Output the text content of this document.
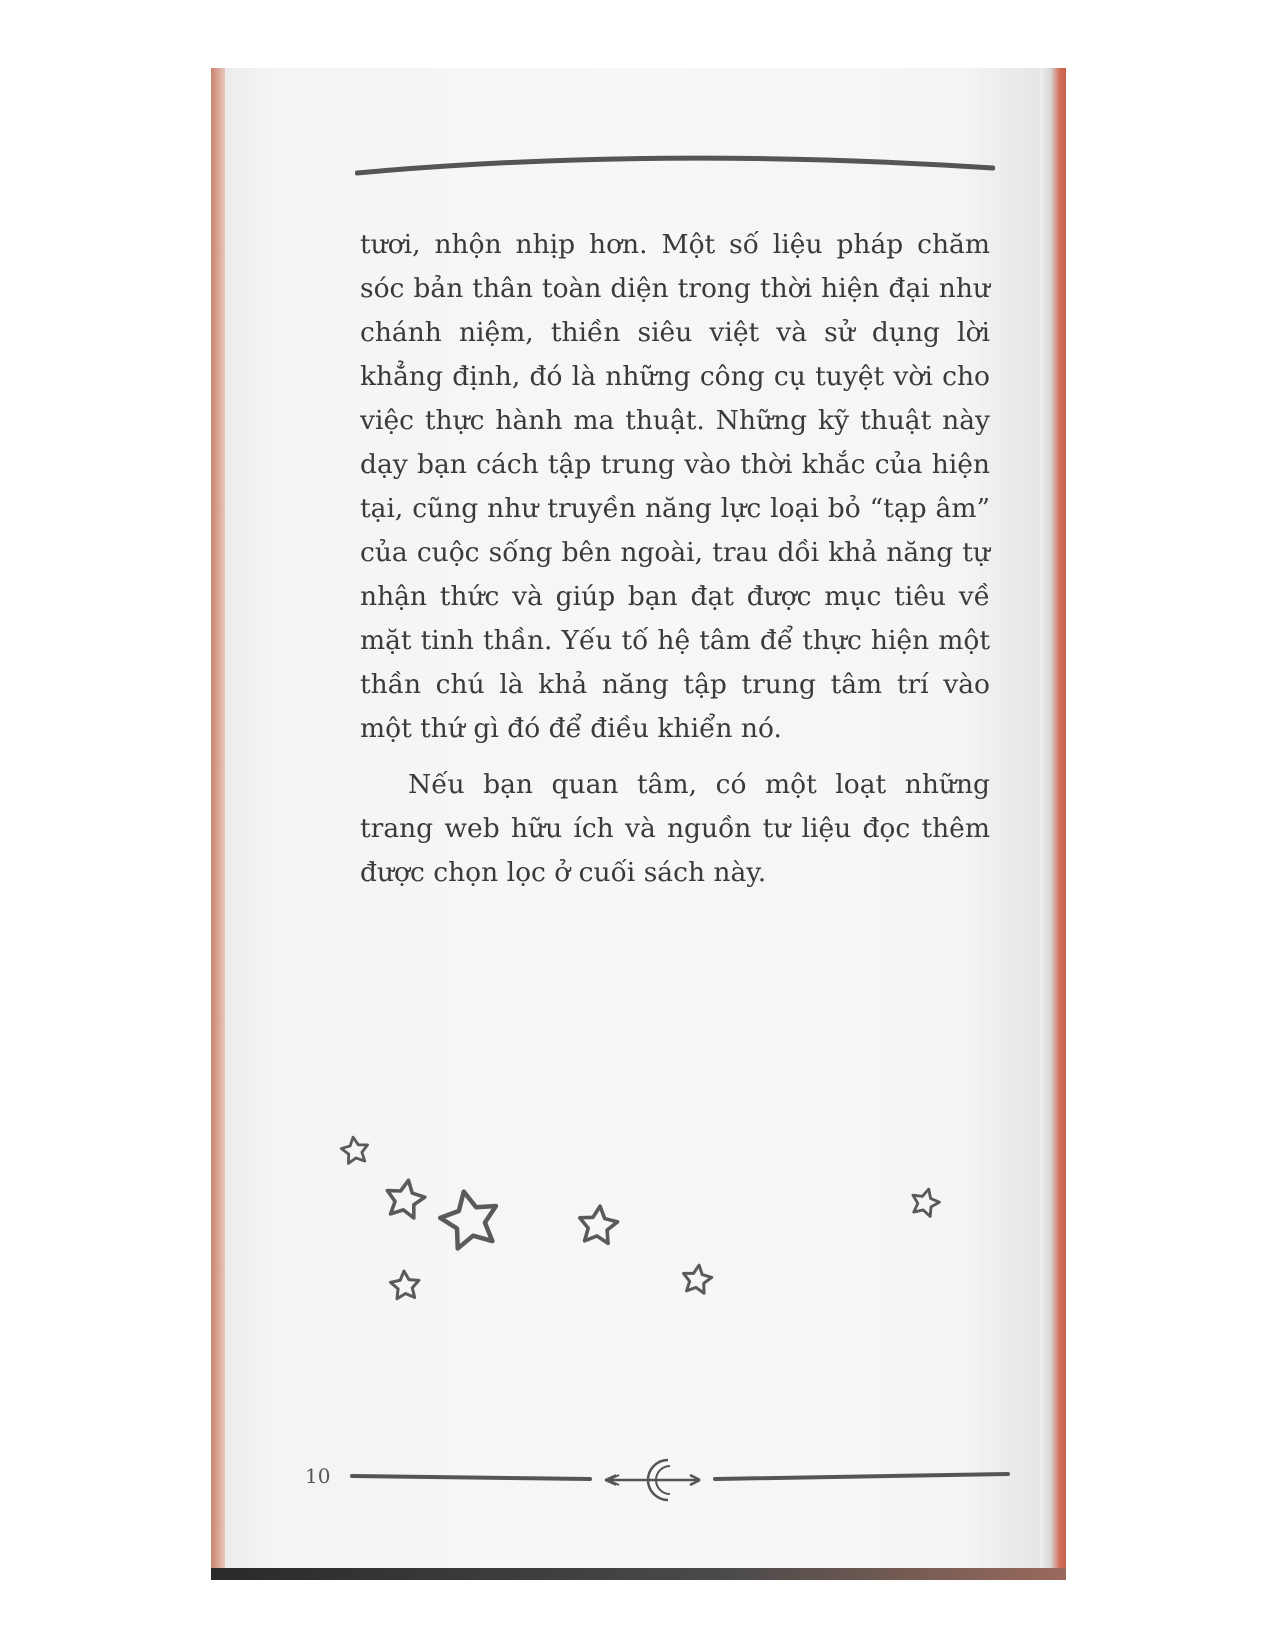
tươi, nhộn nhịp hơn. Một số liệu pháp chăm sóc bản thân toàn diện trong thời hiện đại như chánh niệm, thiền siêu việt và sử dụng lời khẳng định, đó là những công cụ tuyệt vời cho việc thực hành ma thuật. Những kỹ thuật này dạy bạn cách tập trung vào thời khắc của hiện tại, cũng như truyền năng lực loại bỏ “tạp âm” của cuộc sống bên ngoài, trau dồi khả năng tự nhận thức và giúp bạn đạt được mục tiêu về mặt tinh thần. Yếu tố hệ tâm để thực hiện một thần chú là khả năng tập trung tâm trí vào một thứ gì đó để điều khiển nó.

Nếu bạn quan tâm, có một loạt những trang web hữu ích và nguồn tư liệu đọc thêm được chọn lọc ở cuối sách này.

10
